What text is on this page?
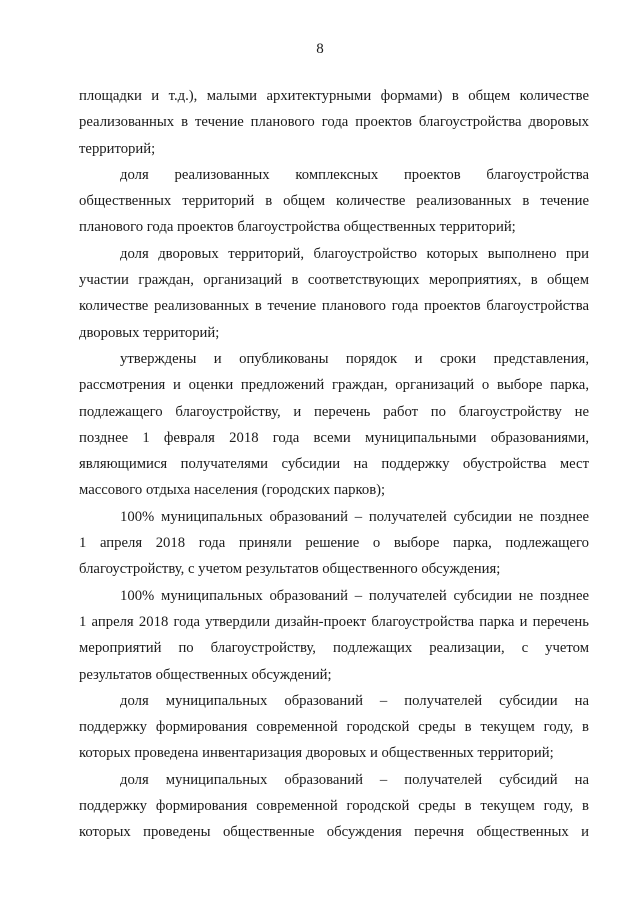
8
площадки и т.д.), малыми архитектурными формами) в общем количестве
реализованных в течение планового года проектов благоустройства дворовых
территорий;
доля реализованных комплексных проектов благоустройства
общественных территорий в общем количестве реализованных в течение
планового года проектов благоустройства общественных территорий;
доля дворовых территорий, благоустройство которых выполнено при
участии граждан, организаций в соответствующих мероприятиях, в общем
количестве реализованных в течение планового года проектов благоустройства
дворовых территорий;
утверждены и опубликованы порядок и сроки представления,
рассмотрения и оценки предложений граждан, организаций о выборе парка,
подлежащего благоустройству, и перечень работ по благоустройству не
позднее 1 февраля 2018 года всеми муниципальными образованиями,
являющимися получателями субсидии на поддержку обустройства мест
массового отдыха населения (городских парков);
100% муниципальных образований – получателей субсидии не позднее
1 апреля 2018 года приняли решение о выборе парка, подлежащего
благоустройству, с учетом результатов общественного обсуждения;
100% муниципальных образований – получателей субсидии не позднее
1 апреля 2018 года утвердили дизайн-проект благоустройства парка и перечень
мероприятий по благоустройству, подлежащих реализации, с учетом
результатов общественных обсуждений;
доля муниципальных образований – получателей субсидии на
поддержку формирования современной городской среды в текущем году, в
которых проведена инвентаризация дворовых и общественных территорий;
доля муниципальных образований – получателей субсидий на
поддержку формирования современной городской среды в текущем году, в
которых проведены общественные обсуждения перечня общественных и
